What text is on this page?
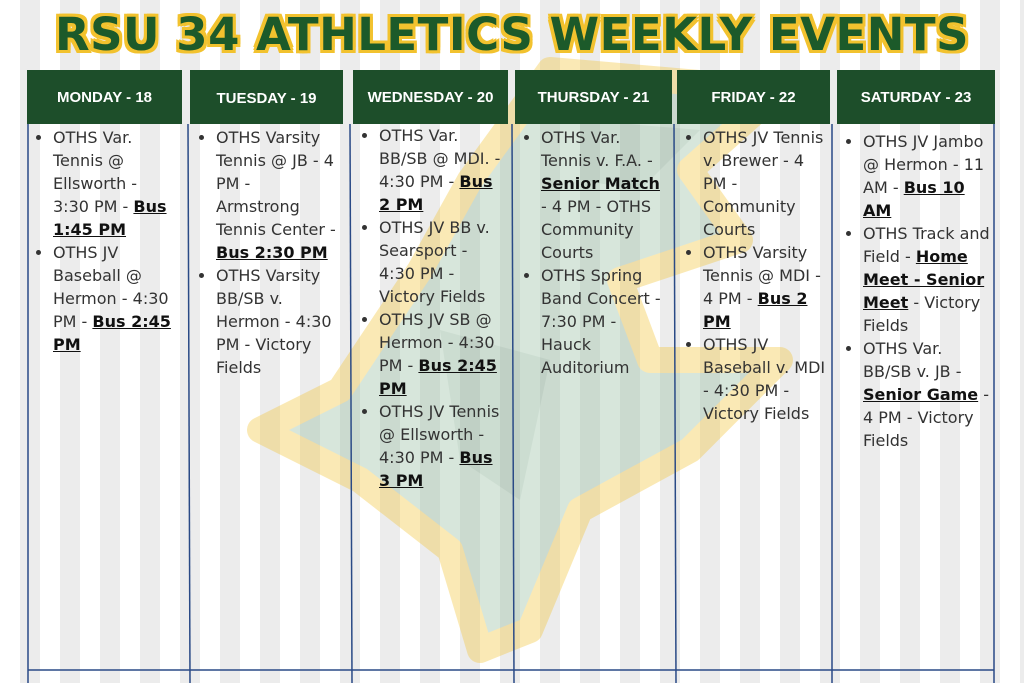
RSU 34 ATHLETICS WEEKLY EVENTS
MONDAY - 18
• OTHS Var. Tennis @ Ellsworth - 3:30 PM - Bus 1:45 PM
• OTHS JV Baseball @ Hermon - 4:30 PM - Bus 2:45 PM
TUESDAY - 19
• OTHS Varsity Tennis @ JB - 4 PM - Armstrong Tennis Center - Bus 2:30 PM
• OTHS Varsity BB/SB v. Hermon - 4:30 PM - Victory Fields
WEDNESDAY - 20
• OTHS Var. BB/SB @ MDI. - 4:30 PM - Bus 2 PM
• OTHS JV BB v. Searsport - 4:30 PM - Victory Fields
• OTHS JV SB @ Hermon - 4:30 PM - Bus 2:45 PM
• OTHS JV Tennis @ Ellsworth - 4:30 PM - Bus 3 PM
THURSDAY - 21
• OTHS Var. Tennis v. F.A. - Senior Match - 4 PM - OTHS Community Courts
• OTHS Spring Band Concert - 7:30 PM - Hauck Auditorium
FRIDAY - 22
• OTHS JV Tennis v. Brewer - 4 PM - Community Courts
• OTHS Varsity Tennis @ MDI - 4 PM - Bus 2 PM
• OTHS JV Baseball v. MDI - 4:30 PM - Victory Fields
SATURDAY - 23
• OTHS JV Jambo @ Hermon - 11 AM - Bus 10 AM
• OTHS Track and Field - Home Meet - Senior Meet - Victory Fields
• OTHS Var. BB/SB v. JB - Senior Game - 4 PM - Victory Fields
